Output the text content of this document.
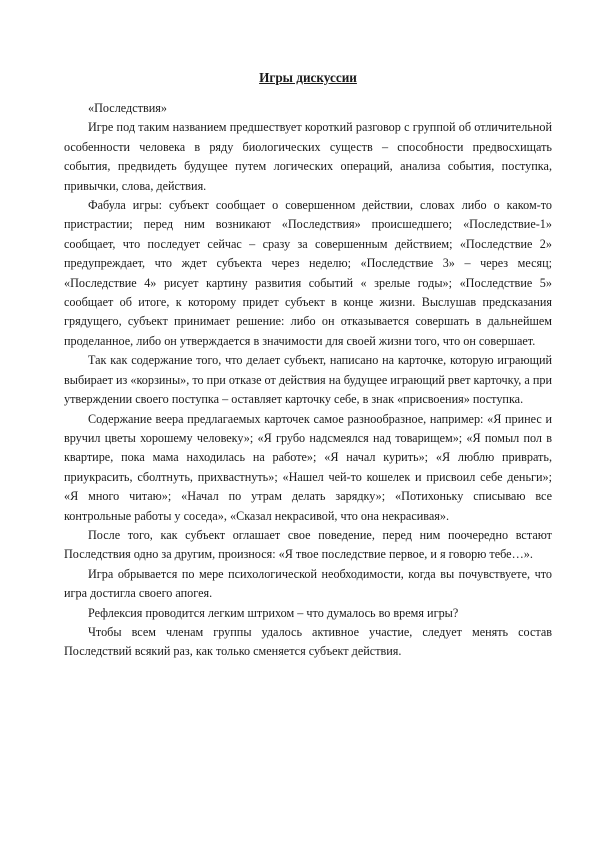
Игры дискуссии

«Последствия»

Игре под таким названием предшествует короткий разговор с группой об отличительной особенности человека в ряду биологических существ – способности предвосхищать события, предвидеть будущее путем логических операций, анализа события, поступка, привычки, слова, действия.

Фабула игры: субъект сообщает о совершенном действии, словах либо о каком-то пристрастии; перед ним возникают «Последствия» происшедшего; «Последствие-1» сообщает, что последует сейчас – сразу за совершенным действием; «Последствие 2» предупреждает, что ждет субъекта через неделю; «Последствие 3» – через месяц; «Последствие 4» рисует картину развития событий « зрелые годы»; «Последствие 5» сообщает об итоге, к которому придет субъект в конце жизни. Выслушав предсказания грядущего, субъект принимает решение: либо он отказывается совершать в дальнейшем проделанное, либо он утверждается в значимости для своей жизни того, что он совершает.

Так как содержание того, что делает субъект, написано на карточке, которую играющий выбирает из «корзины», то при отказе от действия на будущее играющий рвет карточку, а при утверждении своего поступка – оставляет карточку себе, в знак «присвоения» поступка.

Содержание веера предлагаемых карточек самое разнообразное, например: «Я принес и вручил цветы хорошему человеку»; «Я грубо надсмеялся над товарищем»; «Я помыл пол в квартире, пока мама находилась на работе»; «Я начал курить»; «Я люблю приврать, приукрасить, сболтнуть, прихвастнуть»; «Нашел чей-то кошелек и присвоил себе деньги»; «Я много читаю»; «Начал по утрам делать зарядку»; «Потихоньку списываю все контрольные работы у соседа», «Сказал некрасивой, что она некрасивая».

После того, как субъект оглашает свое поведение, перед ним поочередно встают Последствия одно за другим, произнося: «Я твое последствие первое, и я говорю тебе…».

Игра обрывается по мере психологической необходимости, когда вы почувствуете, что игра достигла своего апогея.

Рефлексия проводится легким штрихом – что думалось во время игры?

Чтобы всем членам группы удалось активное участие, следует менять состав Последствий всякий раз, как только сменяется субъект действия.
